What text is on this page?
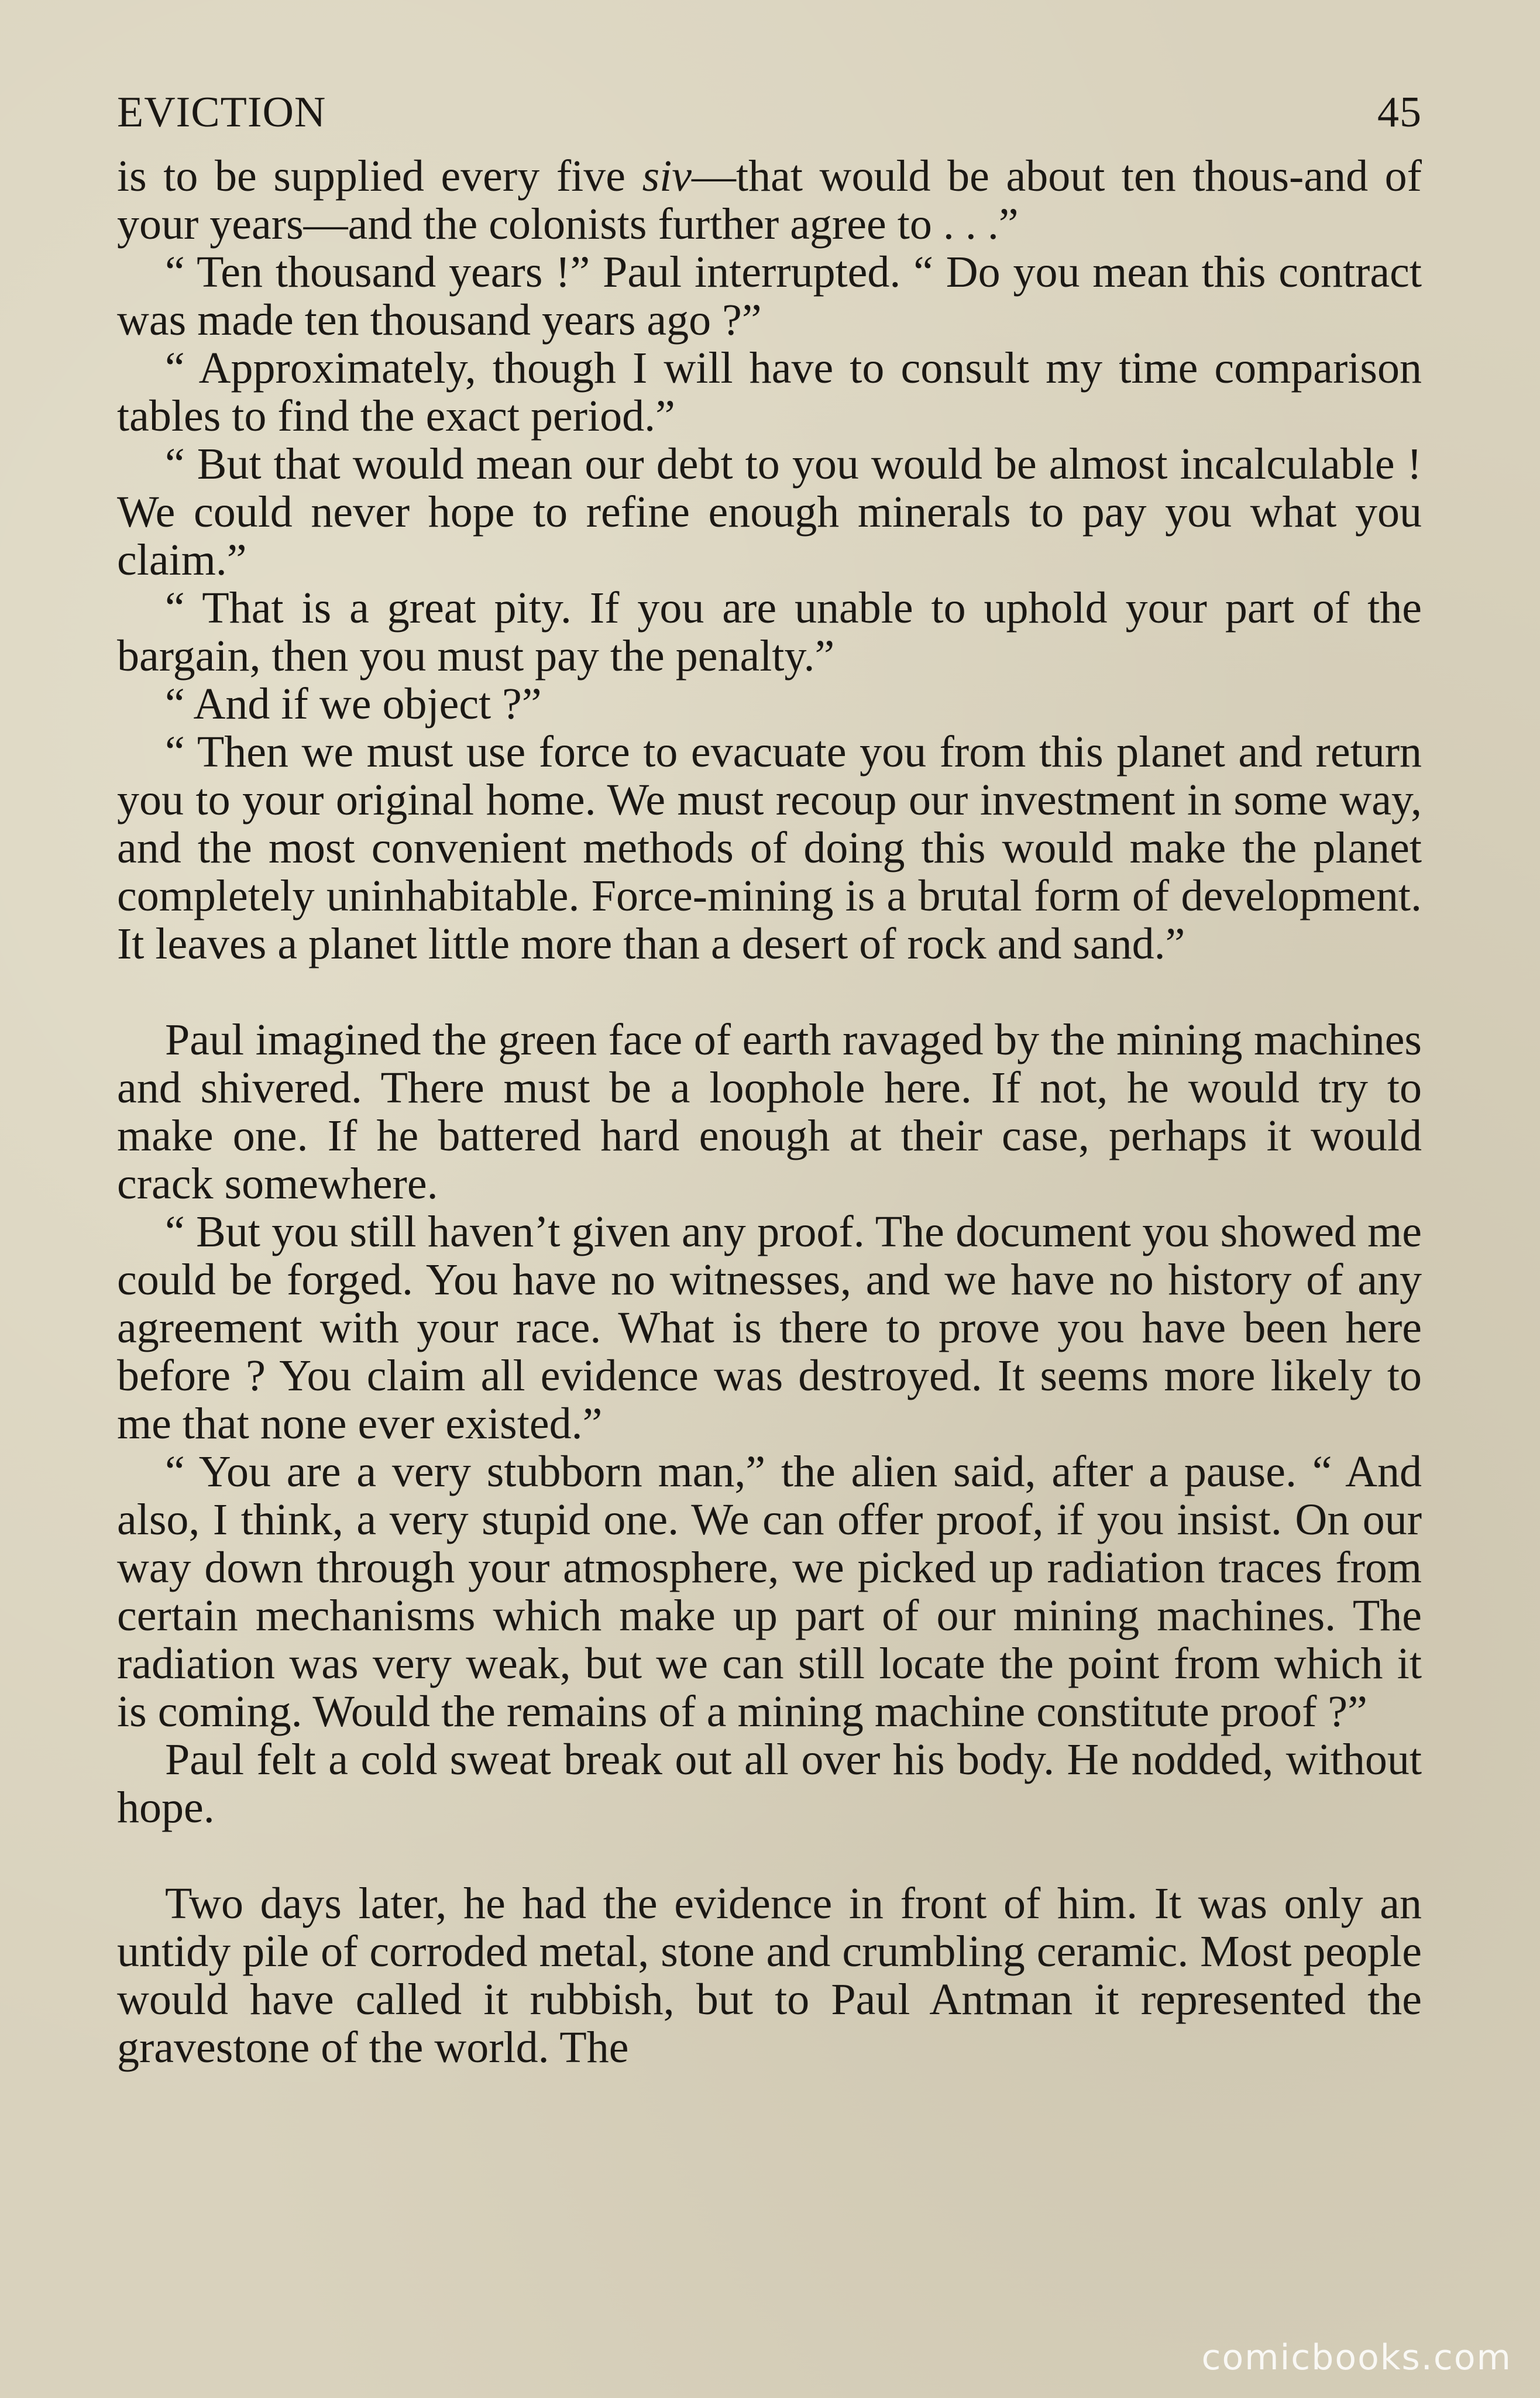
EVICTION	45

is to be supplied every five siv—that would be about ten thous-and of your years—and the colonists further agree to . . .”

“ Ten thousand years !” Paul interrupted. “ Do you mean this contract was made ten thousand years ago ?”

“ Approximately, though I will have to consult my time comparison tables to find the exact period.”

“ But that would mean our debt to you would be almost incalculable ! We could never hope to refine enough minerals to pay you what you claim.”

“ That is a great pity. If you are unable to uphold your part of the bargain, then you must pay the penalty.”

“ And if we object ?”

“ Then we must use force to evacuate you from this planet and return you to your original home. We must recoup our investment in some way, and the most convenient methods of doing this would make the planet completely uninhabitable. Force-mining is a brutal form of development. It leaves a planet little more than a desert of rock and sand.”

Paul imagined the green face of earth ravaged by the mining machines and shivered. There must be a loophole here. If not, he would try to make one. If he battered hard enough at their case, perhaps it would crack somewhere.

“ But you still haven’t given any proof. The document you showed me could be forged. You have no witnesses, and we have no history of any agreement with your race. What is there to prove you have been here before ? You claim all evidence was destroyed. It seems more likely to me that none ever existed.”

“ You are a very stubborn man,” the alien said, after a pause. “ And also, I think, a very stupid one. We can offer proof, if you insist. On our way down through your atmosphere, we picked up radiation traces from certain mechanisms which make up part of our mining machines. The radiation was very weak, but we can still locate the point from which it is coming. Would the remains of a mining machine constitute proof ?”

Paul felt a cold sweat break out all over his body. He nodded, without hope.

Two days later, he had the evidence in front of him. It was only an untidy pile of corroded metal, stone and crumbling ceramic. Most people would have called it rubbish, but to Paul Antman it represented the gravestone of the world. The

comicbooks.com
